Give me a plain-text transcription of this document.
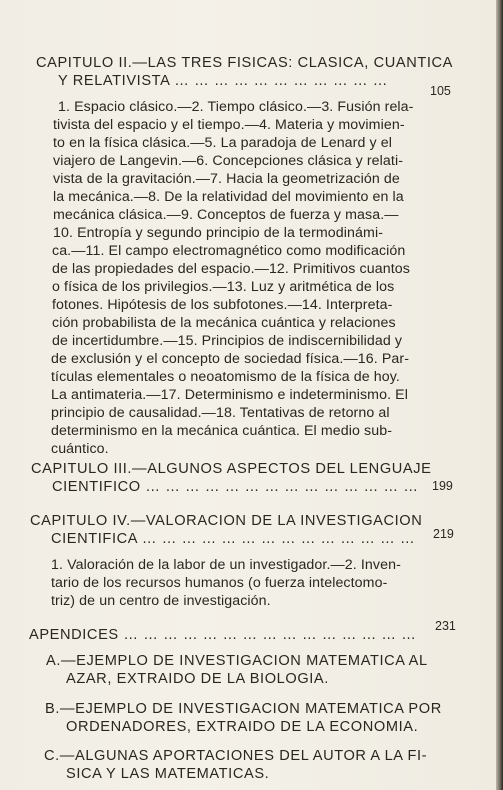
CAPITULO II.—LAS TRES FISICAS: CLASICA, CUANTICA
Y RELATIVISTA … … … … … … … … … … …
105
1. Espacio clásico.—2. Tiempo clásico.—3. Fusión rela-
tivista del espacio y el tiempo.—4. Materia y movimien-
to en la física clásica.—5. La paradoja de Lenard y el
viajero de Langevin.—6. Concepciones clásica y relati-
vista de la gravitación.—7. Hacia la geometrización de
la mecánica.—8. De la relatividad del movimiento en la
mecánica clásica.—9. Conceptos de fuerza y masa.—
10. Entropía y segundo principio de la termodinámi-
ca.—11. El campo electromagnético como modificación
de las propiedades del espacio.—12. Primitivos cuantos
o física de los privilegios.—13. Luz y aritmética de los
fotones. Hipótesis de los subfotones.—14. Interpreta-
ción probabilista de la mecánica cuántica y relaciones
de incertidumbre.—15. Principios de indiscernibilidad y
de exclusión y el concepto de sociedad física.—16. Par-
tículas elementales o neoatomismo de la física de hoy.
La antimateria.—17. Determinismo e indeterminismo. El
principio de causalidad.—18. Tentativas de retorno al
determinismo en la mecánica cuántica. El medio sub-
cuántico.
CAPITULO III.—ALGUNOS ASPECTOS DEL LENGUAJE
CIENTIFICO … … … … … … … … … … … … … … 199
CAPITULO IV.—VALORACION DE LA INVESTIGACION
CIENTIFICA … … … … … … … … … … … … … … 219
1. Valoración de la labor de un investigador.—2. Inven-
tario de los recursos humanos (o fuerza intelectomo-
triz) de un centro de investigación.
APENDICES … … … … … … … … … … … … … … …
231
A.—EJEMPLO DE INVESTIGACION MATEMATICA AL
AZAR, EXTRAIDO DE LA BIOLOGIA.
B.—EJEMPLO DE INVESTIGACION MATEMATICA POR
ORDENADORES, EXTRAIDO DE LA ECONOMIA.
C.—ALGUNAS APORTACIONES DEL AUTOR A LA FI-
SICA Y LAS MATEMATICAS.
